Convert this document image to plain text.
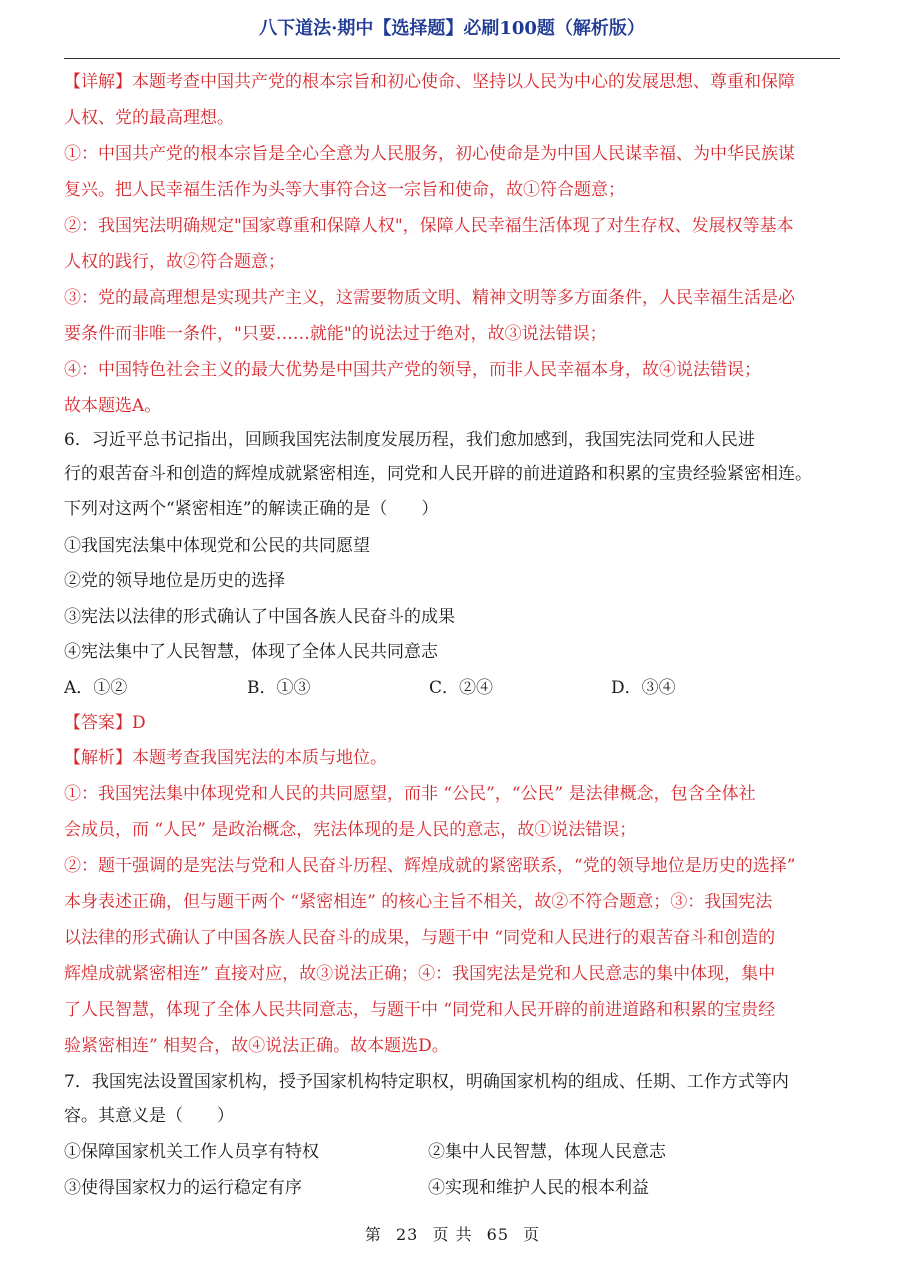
八下道法·期中【选择题】必刷100题（解析版）
【详解】本题考查中国共产党的根本宗旨和初心使命、坚持以人民为中心的发展思想、尊重和保障
人权、党的最高理想。
①：中国共产党的根本宗旨是全心全意为人民服务，初心使命是为中国人民谋幸福、为中华民族谋
复兴。把人民幸福生活作为头等大事符合这一宗旨和使命，故①符合题意；
②：我国宪法明确规定"国家尊重和保障人权"，保障人民幸福生活体现了对生存权、发展权等基本
人权的践行，故②符合题意；
③：党的最高理想是实现共产主义，这需要物质文明、精神文明等多方面条件，人民幸福生活是必
要条件而非唯一条件，"只要……就能"的说法过于绝对，故③说法错误；
④：中国特色社会主义的最大优势是中国共产党的领导，而非人民幸福本身，故④说法错误；
故本题选A。
6．习近平总书记指出，回顾我国宪法制度发展历程，我们愈加感到，我国宪法同党和人民进
行的艰苦奋斗和创造的辉煌成就紧密相连，同党和人民开辟的前进道路和积累的宝贵经验紧密相连。
下列对这两个“紧密相连”的解读正确的是（　　）
①我国宪法集中体现党和公民的共同愿望
②党的领导地位是历史的选择
③宪法以法律的形式确认了中国各族人民奋斗的成果
④宪法集中了人民智慧，体现了全体人民共同意志
A．①②	B．①③	C．②④	D．③④
【答案】D
【解析】本题考查我国宪法的本质与地位。
①：我国宪法集中体现党和人民的共同愿望，而非 “公民”，“公民” 是法律概念，包含全体社
会成员，而 “人民” 是政治概念，宪法体现的是人民的意志，故①说法错误；
②：题干强调的是宪法与党和人民奋斗历程、辉煌成就的紧密联系，“党的领导地位是历史的选择”
本身表述正确，但与题干两个 “紧密相连” 的核心主旨不相关，故②不符合题意；③：我国宪法
以法律的形式确认了中国各族人民奋斗的成果，与题干中 “同党和人民进行的艰苦奋斗和创造的
辉煌成就紧密相连” 直接对应，故③说法正确；④：我国宪法是党和人民意志的集中体现，集中
了人民智慧，体现了全体人民共同意志，与题干中 “同党和人民开辟的前进道路和积累的宝贵经
验紧密相连” 相契合，故④说法正确。故本题选D。
7．我国宪法设置国家机构，授予国家机构特定职权，明确国家机构的组成、任期、工作方式等内
容。其意义是（　　）
①保障国家机关工作人员享有特权	②集中人民智慧，体现人民意志
③使得国家权力的运行稳定有序	④实现和维护人民的根本利益
第 23 页 共 65 页
